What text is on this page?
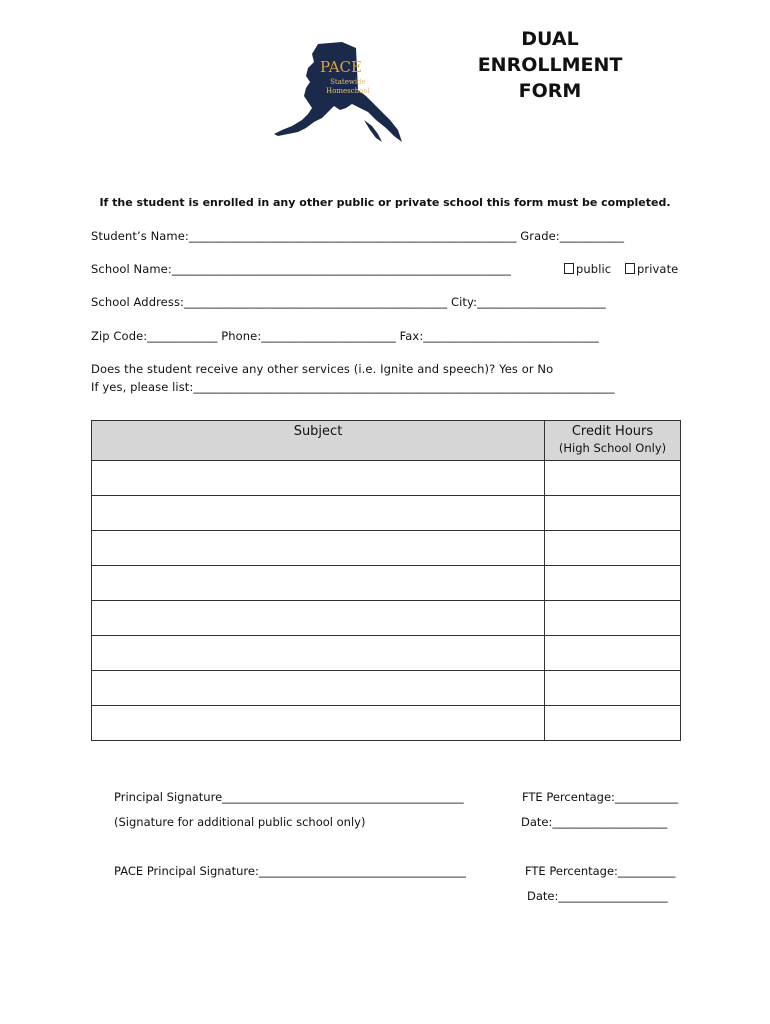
DUAL
ENROLLMENT
FORM
PACE
Statewide
Homeschool
If the student is enrolled in any other public or private school this form must be completed.
Student’s Name:________________________________________________________ Grade:___________
School Name:__________________________________________________________	public	private
School Address:_____________________________________________ City:______________________
Zip Code:____________ Phone:_______________________ Fax:______________________________
Does the student receive any other services (i.e. Ignite and speech)? Yes or No
If yes, please list:________________________________________________________________________
Subject	Credit Hours
(High School Only)

Principal Signature__________________________________________	FTE Percentage:___________
(Signature for additional public school only)	Date:____________________
PACE Principal Signature:____________________________________	FTE Percentage:__________
Date:___________________
